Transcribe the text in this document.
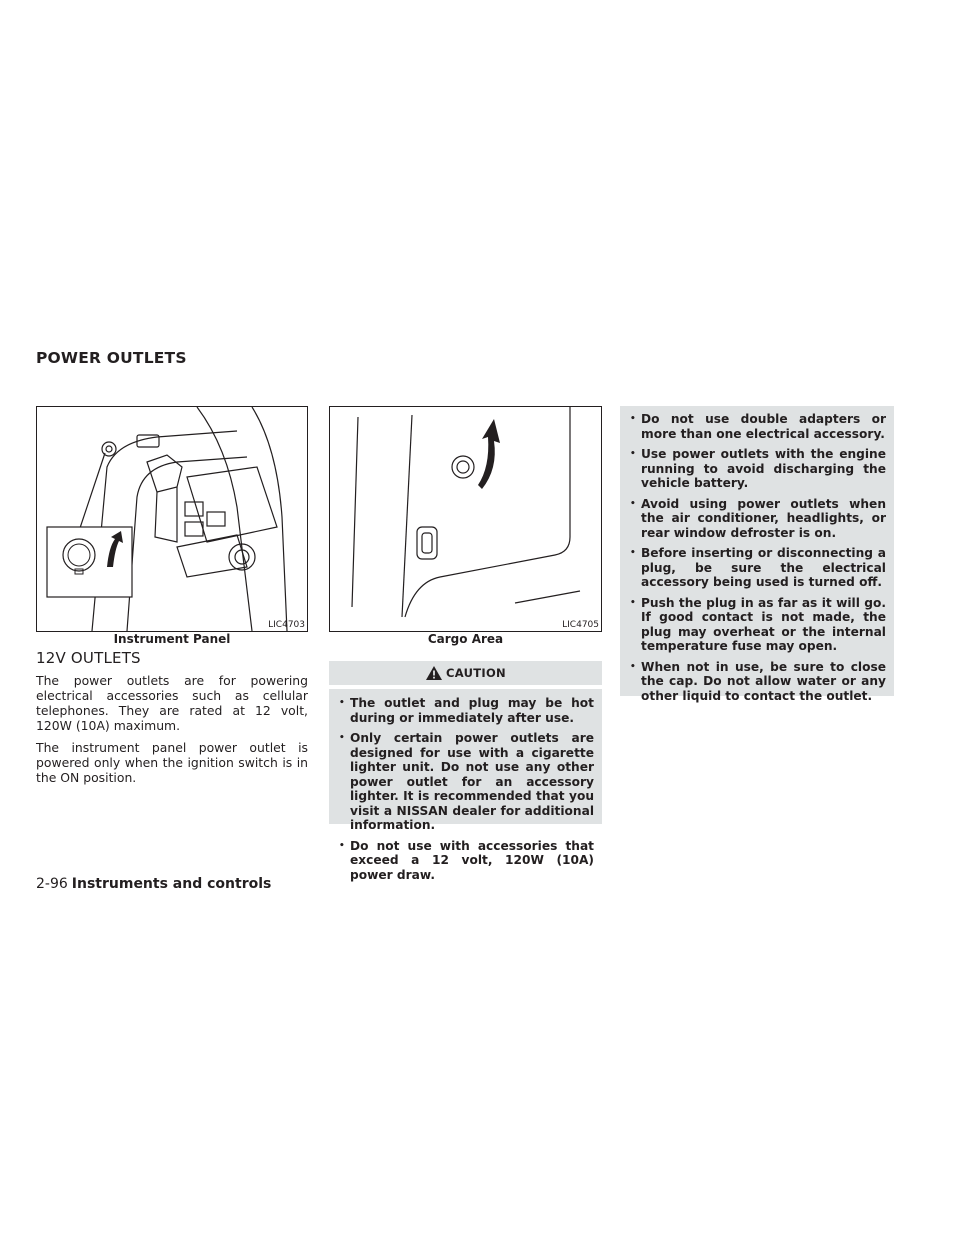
POWER OUTLETS
LIC4703

Instrument Panel

LIC4705

Cargo Area

12V OUTLETS

The power outlets are for powering electrical accessories such as cellular telephones. They are rated at 12 volt, 120W (10A) maximum.

The instrument panel power outlet is powered only when the ignition switch is in the ON position.

CAUTION
• The outlet and plug may be hot during or immediately after use.
• Only certain power outlets are designed for use with a cigarette lighter unit. Do not use any other power outlet for an accessory lighter. It is recommended that you visit a NISSAN dealer for additional information.
• Do not use with accessories that exceed a 12 volt, 120W (10A) power draw.
• Do not use double adapters or more than one electrical accessory.
• Use power outlets with the engine running to avoid discharging the vehicle battery.
• Avoid using power outlets when the air conditioner, headlights, or rear window defroster is on.
• Before inserting or disconnecting a plug, be sure the electrical accessory being used is turned off.
• Push the plug in as far as it will go. If good contact is not made, the plug may overheat or the internal temperature fuse may open.
• When not in use, be sure to close the cap. Do not allow water or any other liquid to contact the outlet.

2-96 Instruments and controls
